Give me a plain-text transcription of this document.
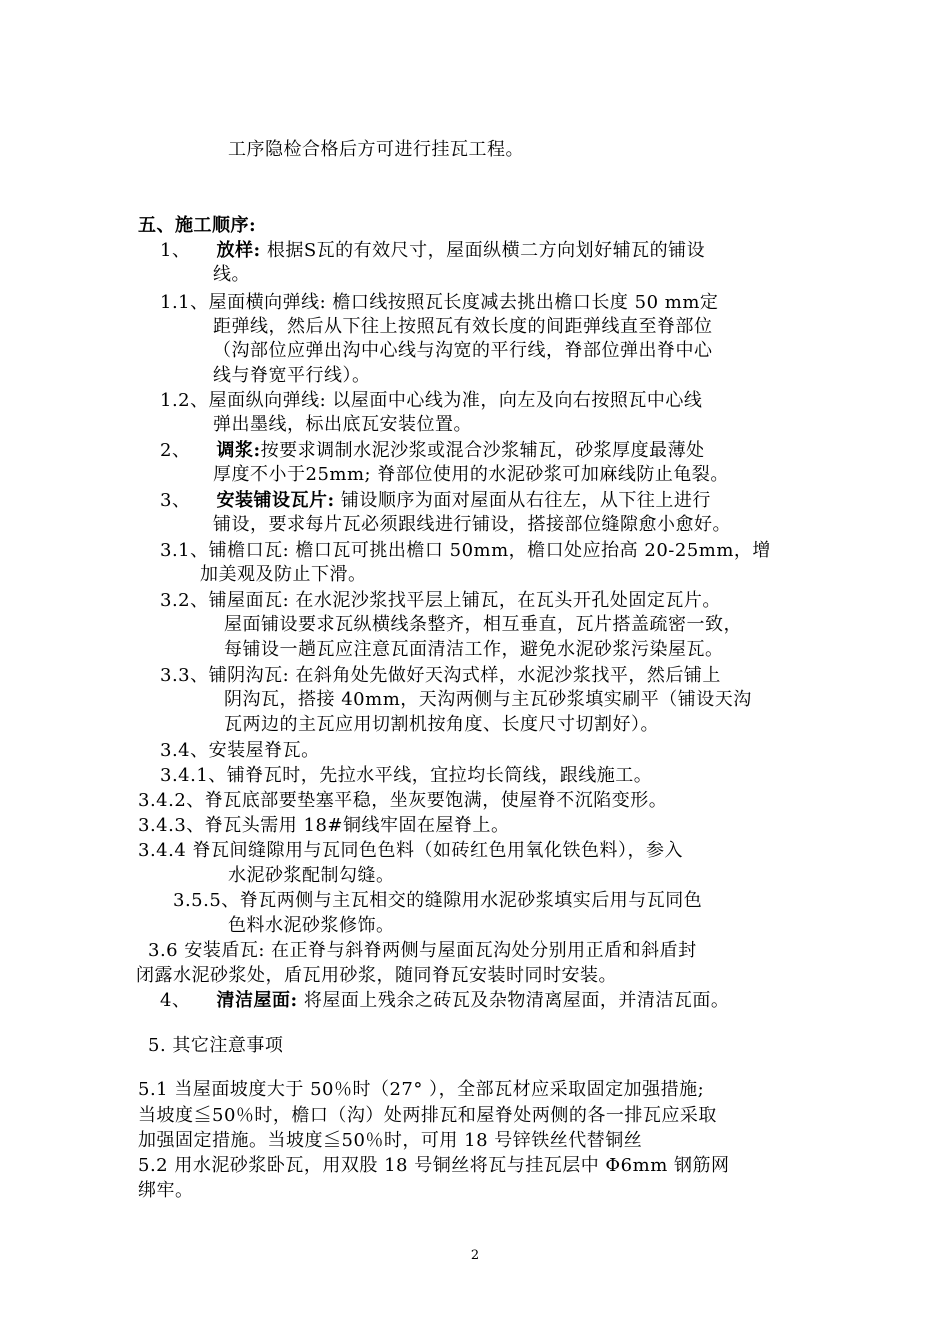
工序隐检合格后方可进行挂瓦工程。
五、施工顺序:
1、 放样: 根据S瓦的有效尺寸，屋面纵横二方向划好辅瓦的铺设
线。
1.1、屋面横向弹线: 檐口线按照瓦长度减去挑出檐口长度 50 mm定
距弹线，然后从下往上按照瓦有效长度的间距弹线直至脊部位
（沟部位应弹出沟中心线与沟宽的平行线，脊部位弹出脊中心
线与脊宽平行线）。
1.2、屋面纵向弹线: 以屋面中心线为准，向左及向右按照瓦中心线
弹出墨线，标出底瓦安装位置。
2、 调浆:按要求调制水泥沙浆或混合沙浆辅瓦，砂浆厚度最薄处
厚度不小于25mm; 脊部位使用的水泥砂浆可加麻线防止龟裂。
3、 安装铺设瓦片: 铺设顺序为面对屋面从右往左，从下往上进行
铺设，要求每片瓦必须跟线进行铺设，搭接部位缝隙愈小愈好。
3.1、铺檐口瓦: 檐口瓦可挑出檐口 50mm，檐口处应抬高 20-25mm，增
加美观及防止下滑。
3.2、铺屋面瓦: 在水泥沙浆找平层上铺瓦，在瓦头开孔处固定瓦片。
屋面铺设要求瓦纵横线条整齐，相互垂直，瓦片搭盖疏密一致，
每铺设一趟瓦应注意瓦面清洁工作，避免水泥砂浆污染屋瓦。
3.3、铺阴沟瓦: 在斜角处先做好天沟式样，水泥沙浆找平，然后铺上
阴沟瓦，搭接 40mm，天沟两侧与主瓦砂浆填实刷平（铺设天沟
瓦两边的主瓦应用切割机按角度、长度尺寸切割好）。
3.4、安装屋脊瓦。
3.4.1、铺脊瓦时，先拉水平线，宜拉均长筒线，跟线施工。
3.4.2、脊瓦底部要垫塞平稳，坐灰要饱满，使屋脊不沉陷变形。
3.4.3、脊瓦头需用 18#铜线牢固在屋脊上。
3.4.4 脊瓦间缝隙用与瓦同色色料（如砖红色用氧化铁色料），参入
水泥砂浆配制勾缝。
3.5.5、脊瓦两侧与主瓦相交的缝隙用水泥砂浆填实后用与瓦同色
色料水泥砂浆修饰。
3.6 安装盾瓦: 在正脊与斜脊两侧与屋面瓦沟处分别用正盾和斜盾封
闭露水泥砂浆处，盾瓦用砂浆，随同脊瓦安装时同时安装。
4、 清洁屋面: 将屋面上残余之砖瓦及杂物清离屋面，并清洁瓦面。
5. 其它注意事项
5.1 当屋面坡度大于 50％时（27° ），全部瓦材应采取固定加强措施;
当坡度≦50％时，檐口（沟）处两排瓦和屋脊处两侧的各一排瓦应采取
加强固定措施。当坡度≦50％时，可用 18 号锌铁丝代替铜丝
5.2 用水泥砂浆卧瓦，用双股 18 号铜丝将瓦与挂瓦层中 Φ6mm 钢筋网
绑牢。
2
